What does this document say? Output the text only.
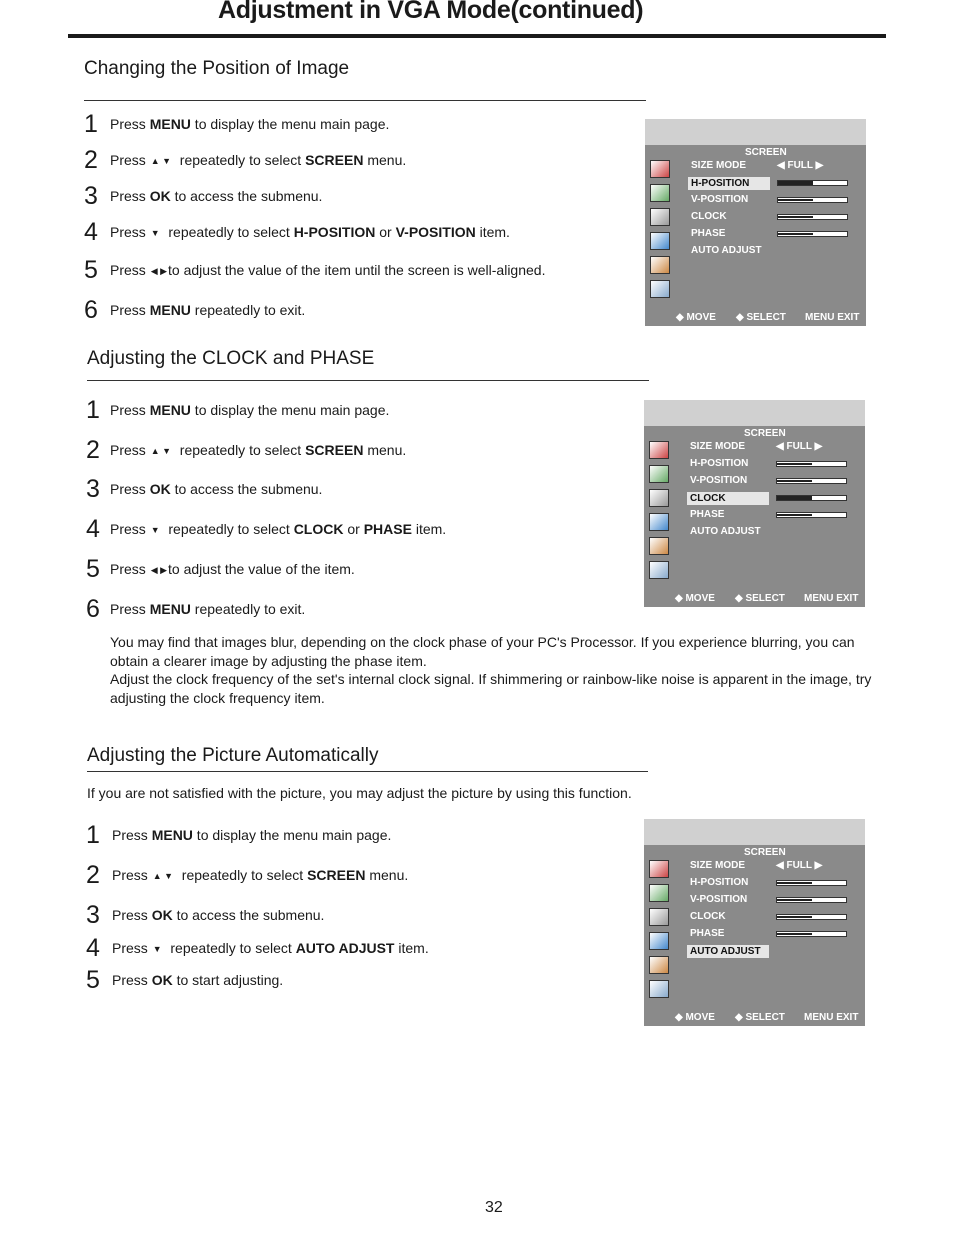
Adjustment in VGA Mode(continued)
Changing the Position of Image
1 Press MENU to display the menu main page.
2 Press ▲ ▼  repeatedly to select SCREEN menu.
3 Press OK to access the submenu.
4 Press ▼  repeatedly to select H-POSITION or V-POSITION item.
5 Press ◀ ▶to adjust the value of the item until the screen is well-aligned.
6 Press MENU repeatedly to exit.
Adjusting the CLOCK and PHASE
1 Press MENU to display the menu main page.
2 Press ▲ ▼  repeatedly to select SCREEN menu.
3 Press OK to access the submenu.
4 Press ▼  repeatedly to select CLOCK or PHASE item.
5 Press ◀ ▶to adjust the value of the item.
6 Press MENU repeatedly to exit.
You may find that images blur, depending on the clock phase of your PC's Processor. If you experience blurring, you can obtain a clearer image by adjusting the phase item.
Adjust the clock frequency of the set's internal clock signal. If shimmering or rainbow-like noise is apparent in the image, try adjusting the clock frequency item.
Adjusting the Picture Automatically
If you are not satisfied with the picture, you may adjust the picture by using this function.
1 Press MENU to display the menu main page.
2 Press ▲ ▼  repeatedly to select SCREEN menu.
3 Press OK to access the submenu.
4 Press ▼  repeatedly to select AUTO ADJUST item.
5 Press OK to start adjusting.
SCREEN
SIZE MODE	◀ FULL ▶
H-POSITION
V-POSITION
CLOCK
PHASE
AUTO ADJUST
◆ MOVE ◆ SELECT MENU EXIT
SCREEN
SIZE MODE	◀ FULL ▶
H-POSITION
V-POSITION
CLOCK
PHASE
AUTO ADJUST
◆ MOVE ◆ SELECT MENU EXIT
SCREEN
SIZE MODE	◀ FULL ▶
H-POSITION
V-POSITION
CLOCK
PHASE
AUTO ADJUST
◆ MOVE ◆ SELECT MENU EXIT
32
